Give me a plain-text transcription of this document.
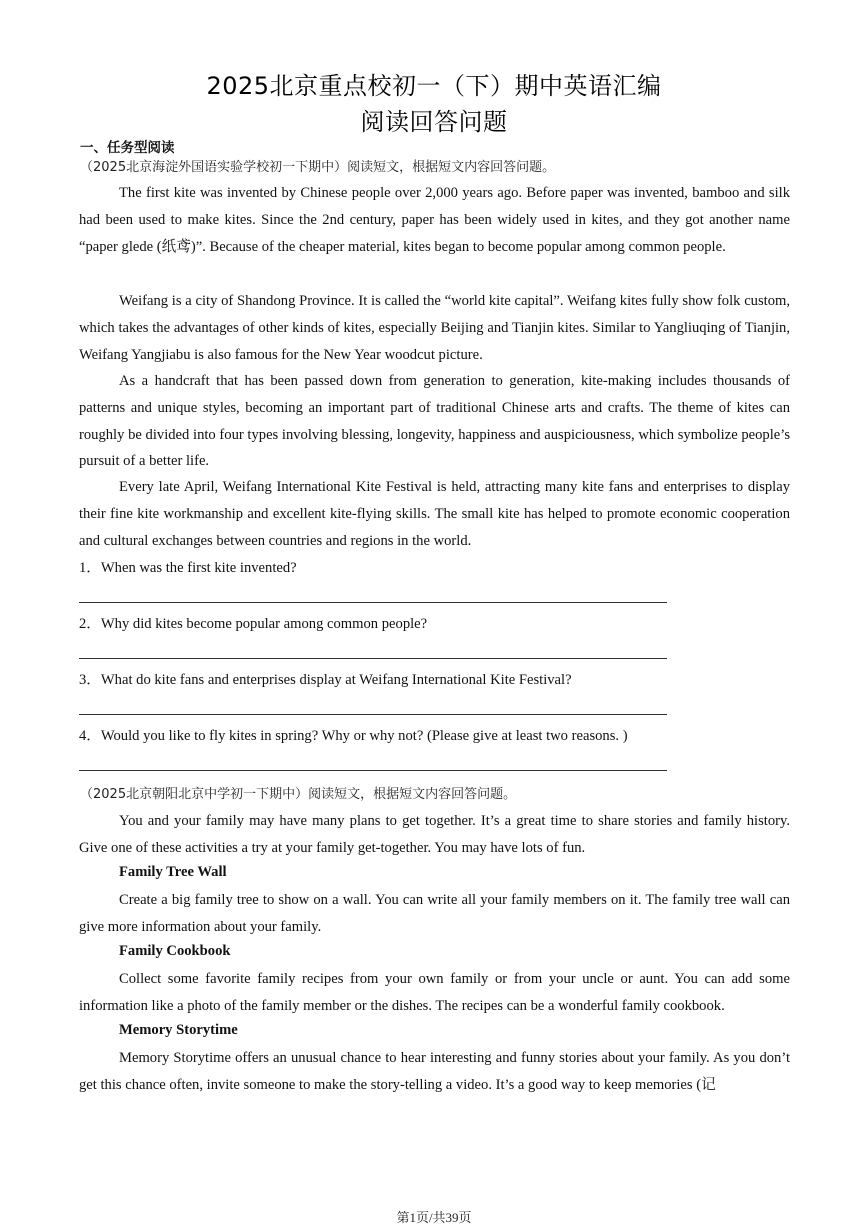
2025北京重点校初一（下）期中英语汇编
阅读回答问题
一、任务型阅读
（2025北京海淀外国语实验学校初一下期中）阅读短文，根据短文内容回答问题。

The first kite was invented by Chinese people over 2,000 years ago. Before paper was invented, bamboo and silk had been used to make kites. Since the 2nd century, paper has been widely used in kites, and they got another name “paper glede (纸鸢)”. Because of the cheaper material, kites began to become popular among common people.

Weifang is a city of Shandong Province. It is called the “world kite capital”. Weifang kites fully show folk custom, which takes the advantages of other kinds of kites, especially Beijing and Tianjin kites. Similar to Yangliuqing of Tianjin, Weifang Yangjiabu is also famous for the New Year woodcut picture.

As a handcraft that has been passed down from generation to generation, kite-making includes thousands of patterns and unique styles, becoming an important part of traditional Chinese arts and crafts. The theme of kites can roughly be divided into four types involving blessing, longevity, happiness and auspiciousness, which symbolize people’s pursuit of a better life.

Every late April, Weifang International Kite Festival is held, attracting many kite fans and enterprises to display their fine kite workmanship and excellent kite-flying skills. The small kite has helped to promote economic cooperation and cultural exchanges between countries and regions in the world.

1．When was the first kite invented?
2．Why did kites become popular among common people?
3．What do kite fans and enterprises display at Weifang International Kite Festival?
4．Would you like to fly kites in spring? Why or why not? (Please give at least two reasons. )
（2025北京朝阳北京中学初一下期中）阅读短文，根据短文内容回答问题。

You and your family may have many plans to get together. It’s a great time to share stories and family history. Give one of these activities a try at your family get-together. You may have lots of fun.

Family Tree Wall

Create a big family tree to show on a wall. You can write all your family members on it. The family tree wall can give more information about your family.

Family Cookbook

Collect some favorite family recipes from your own family or from your uncle or aunt. You can add some information like a photo of the family member or the dishes. The recipes can be a wonderful family cookbook.

Memory Storytime

Memory Storytime offers an unusual chance to hear interesting and funny stories about your family. As you don’t get this chance often, invite someone to make the story-telling a video. It’s a good way to keep memories (记

第1页/共39页
